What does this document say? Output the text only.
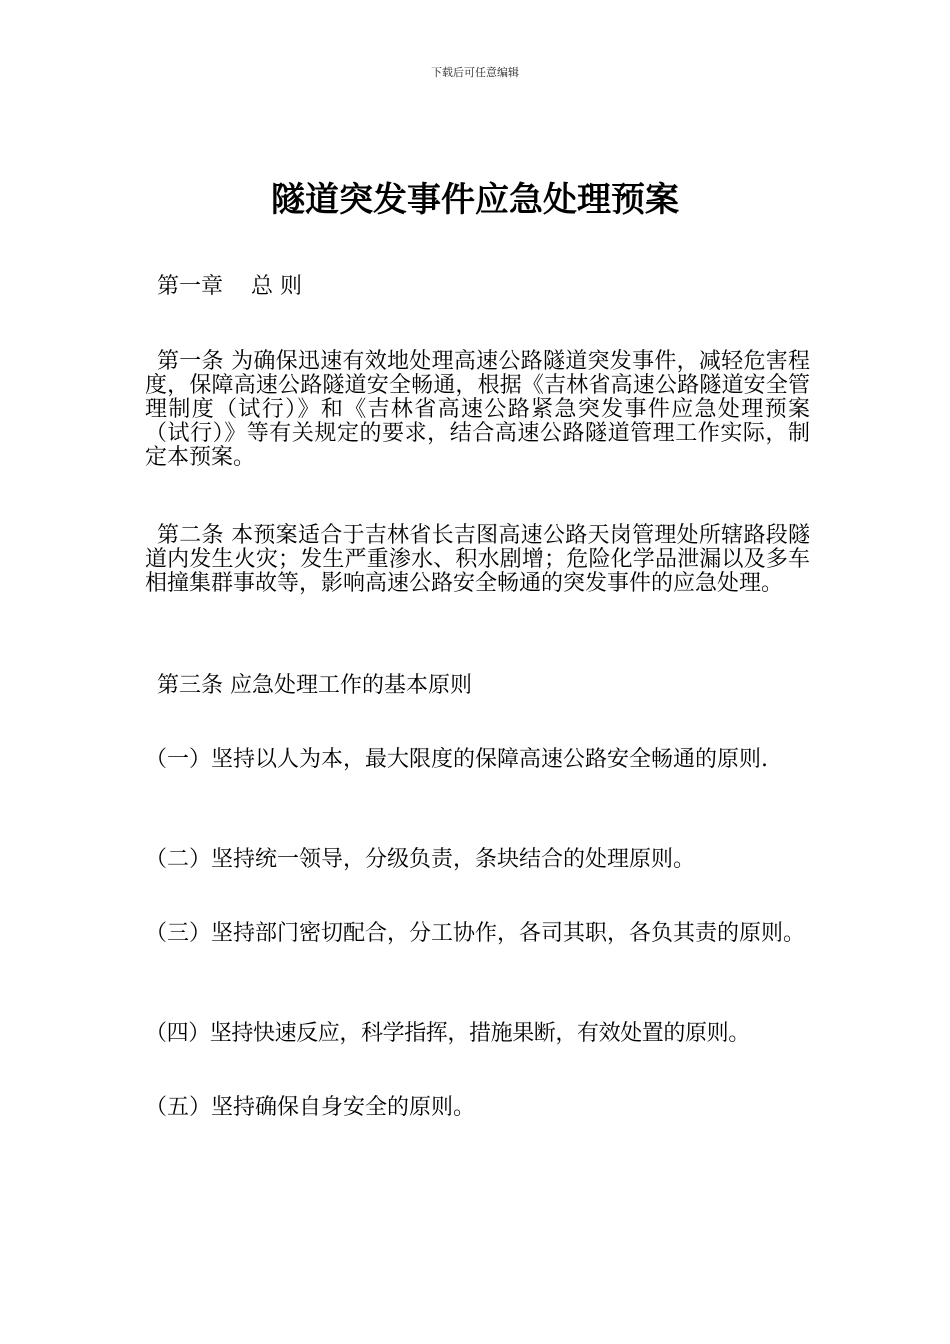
下载后可任意编辑
隧道突发事件应急处理预案

第一章 总 则

第一条 为确保迅速有效地处理高速公路隧道突发事件，减轻危害程度，保障高速公路隧道安全畅通，根据《吉林省高速公路隧道安全管理制度（试行）》和《吉林省高速公路紧急突发事件应急处理预案（试行）》等有关规定的要求，结合高速公路隧道管理工作实际，制定本预案。

第二条 本预案适合于吉林省长吉图高速公路天岗管理处所辖路段隧道内发生火灾；发生严重渗水、积水剧增；危险化学品泄漏以及多车相撞集群事故等，影响高速公路安全畅通的突发事件的应急处理。

第三条 应急处理工作的基本原则

（一）坚持以人为本，最大限度的保障高速公路安全畅通的原则.

（二）坚持统一领导，分级负责，条块结合的处理原则。

（三）坚持部门密切配合，分工协作，各司其职，各负其责的原则。

（四）坚持快速反应，科学指挥，措施果断，有效处置的原则。

（五）坚持确保自身安全的原则。
